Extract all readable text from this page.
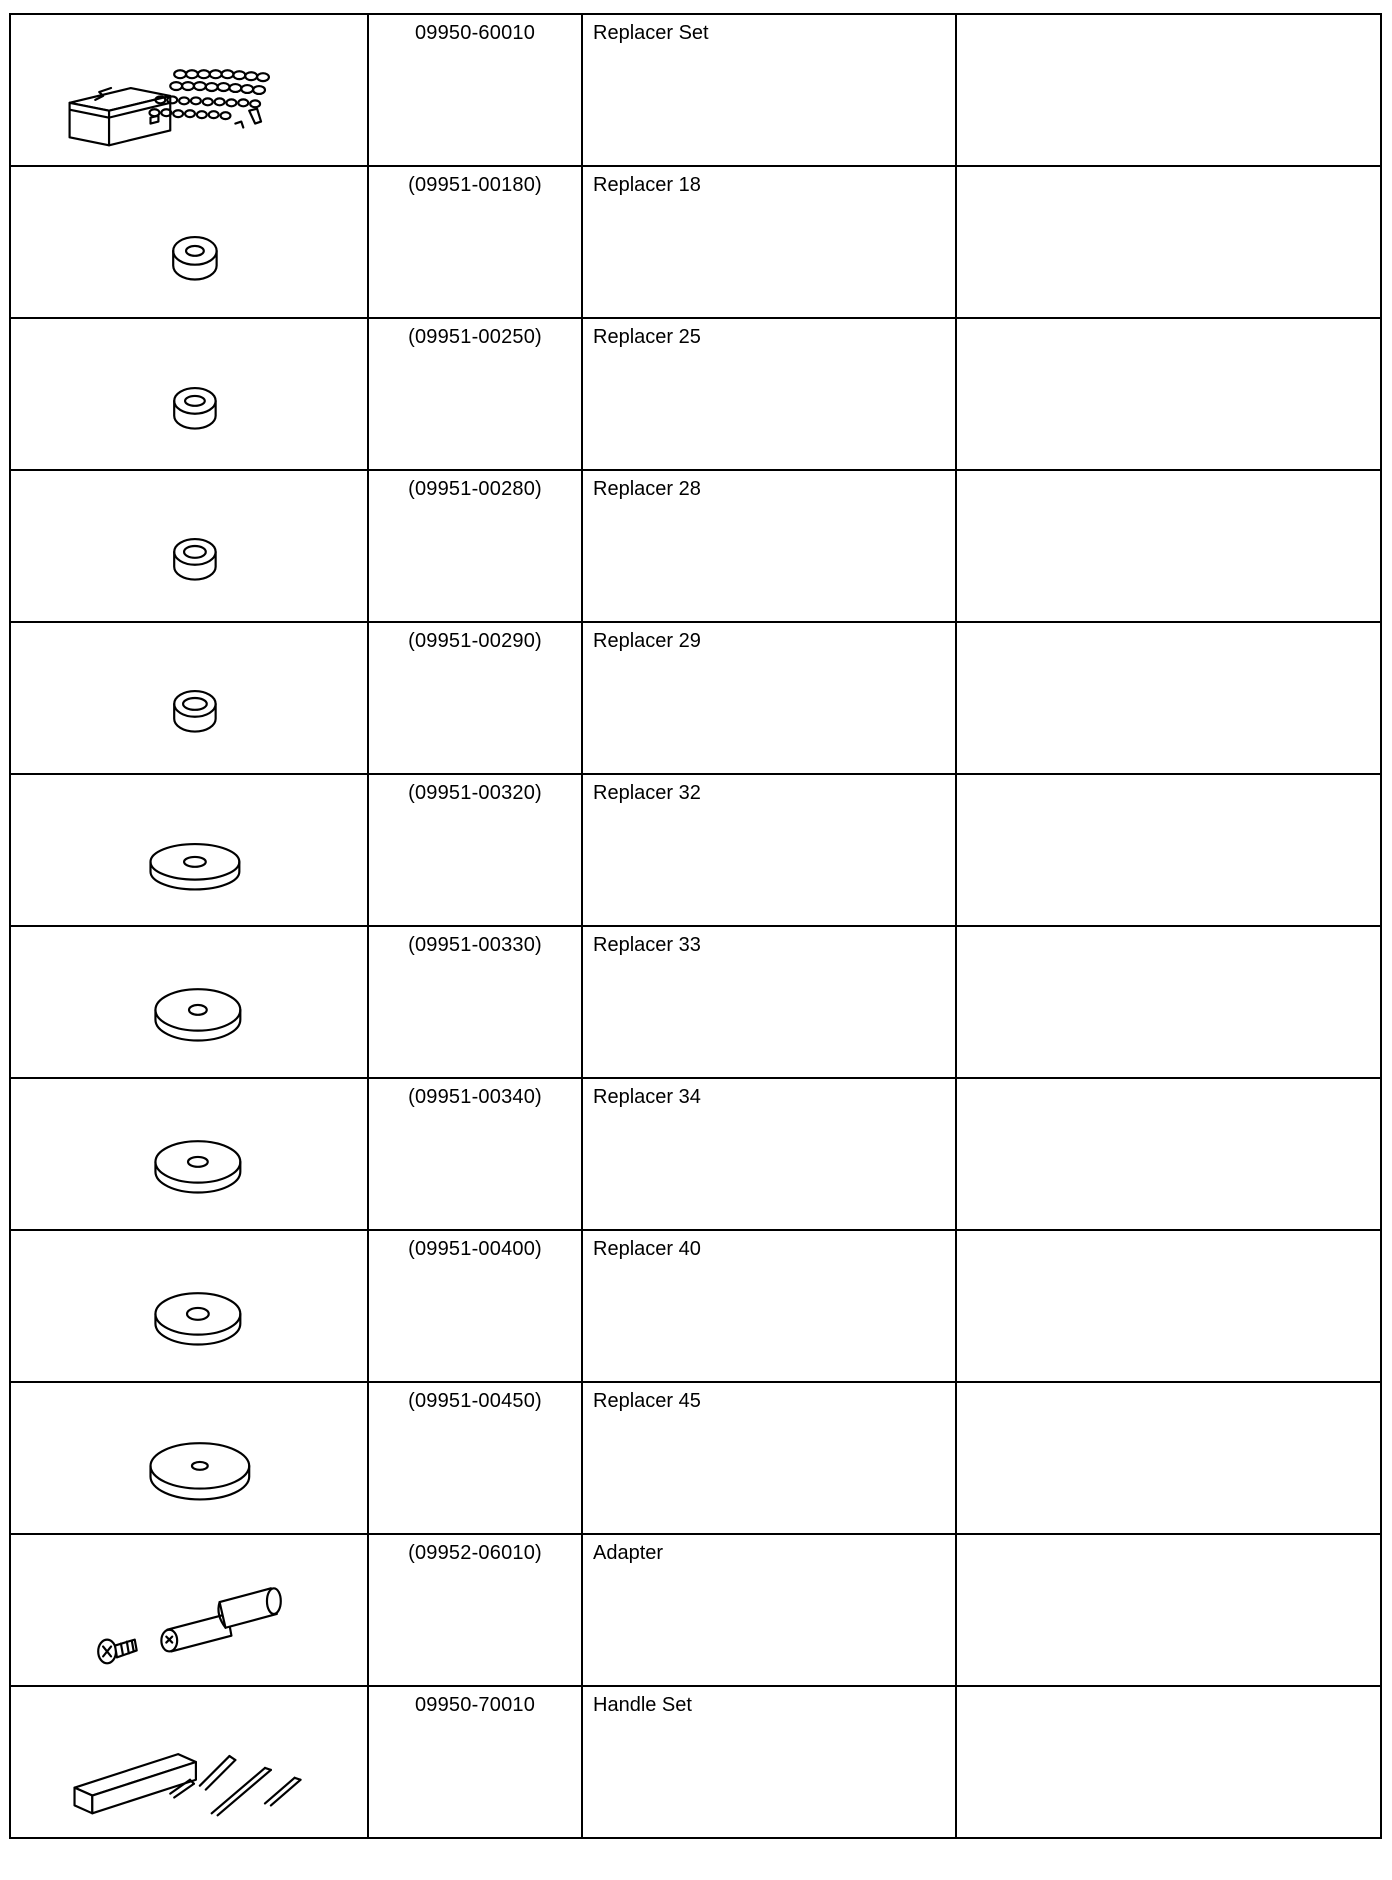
09950-60010	Replacer Set	

(09951-00180)	Replacer 18	

(09951-00250)	Replacer 25	

(09951-00280)	Replacer 28	

(09951-00290)	Replacer 29	

(09951-00320)	Replacer 32	

(09951-00330)	Replacer 33	

(09951-00340)	Replacer 34	

(09951-00400)	Replacer 40	

(09951-00450)	Replacer 45	

(09952-06010)	Adapter	

09950-70010	Handle Set	
